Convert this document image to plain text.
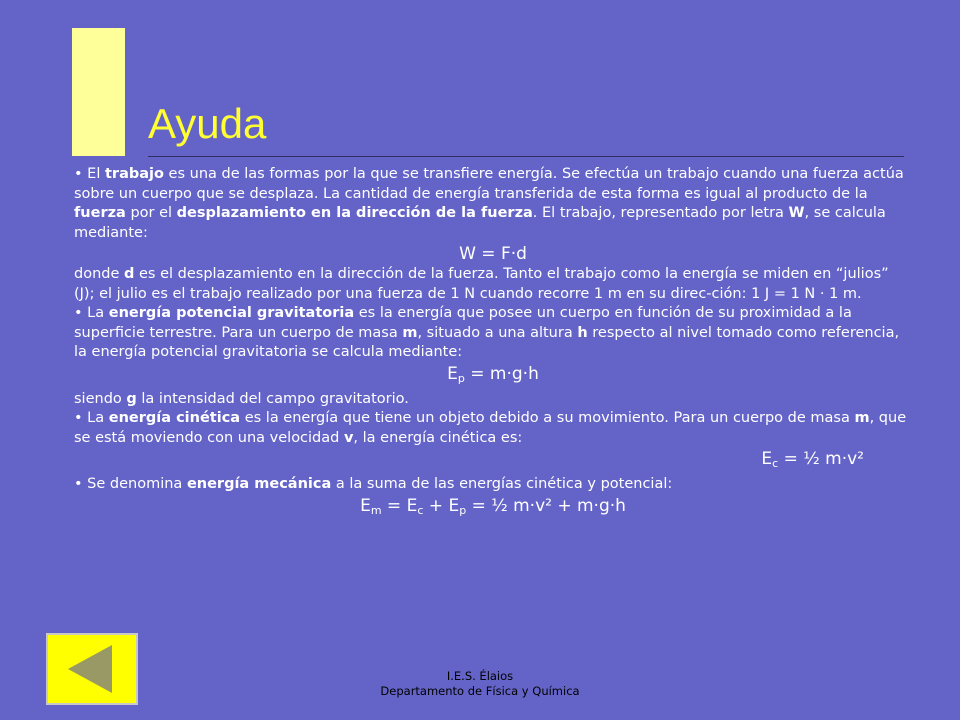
Ayuda

• El trabajo es una de las formas por la que se transfiere energía. Se efectúa un trabajo cuando una fuerza actúa sobre un cuerpo que se desplaza. La cantidad de energía transferida de esta forma es igual al producto de la fuerza por el desplazamiento en la dirección de la fuerza. El trabajo, representado por letra W, se calcula mediante:

W = F·d

donde d es el desplazamiento en la dirección de la fuerza. Tanto el trabajo como la energía se miden en “julios” (J); el julio es el trabajo realizado por una fuerza de 1 N cuando recorre 1 m en su direc-ción: 1 J = 1 N · 1 m.

• La energía potencial gravitatoria es la energía que posee un cuerpo en función de su proximidad a la superficie terrestre. Para un cuerpo de masa m, situado a una altura h respecto al nivel tomado como referencia, la energía potencial gravitatoria se calcula mediante:

$E_p = m\cdot g\cdot h$

siendo g la intensidad del campo gravitatorio.

• La energía cinética es la energía que tiene un objeto debido a su movimiento. Para un cuerpo de masa m, que se está moviendo con una velocidad v, la energía cinética es:

$E_c$ = ½ m·v²

• Se denomina energía mecánica a la suma de las energías cinética y potencial:

$E_m = E_c + E_p$ = ½ m·v² + m·g·h

I.E.S. Élaios
Departamento de Física y Química
